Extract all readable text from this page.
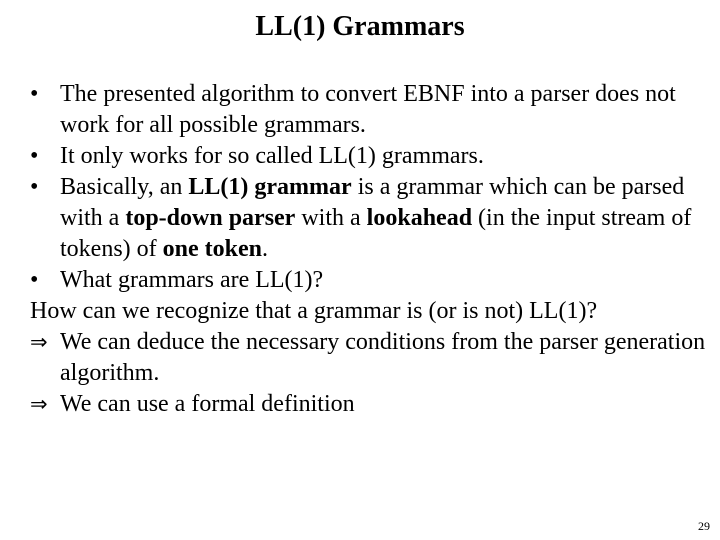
LL(1) Grammars
• The presented algorithm to convert EBNF into a parser does not work for all possible grammars.
• It only works for so called LL(1) grammars.
• Basically, an LL(1) grammar is a grammar which can be parsed with a top-down parser with a lookahead (in the input stream of tokens) of one token.
• What grammars are LL(1)?
How can we recognize that a grammar is (or is not) LL(1)?
⇒ We can deduce the necessary conditions from the parser generation algorithm.
⇒ We can use a formal definition
29
